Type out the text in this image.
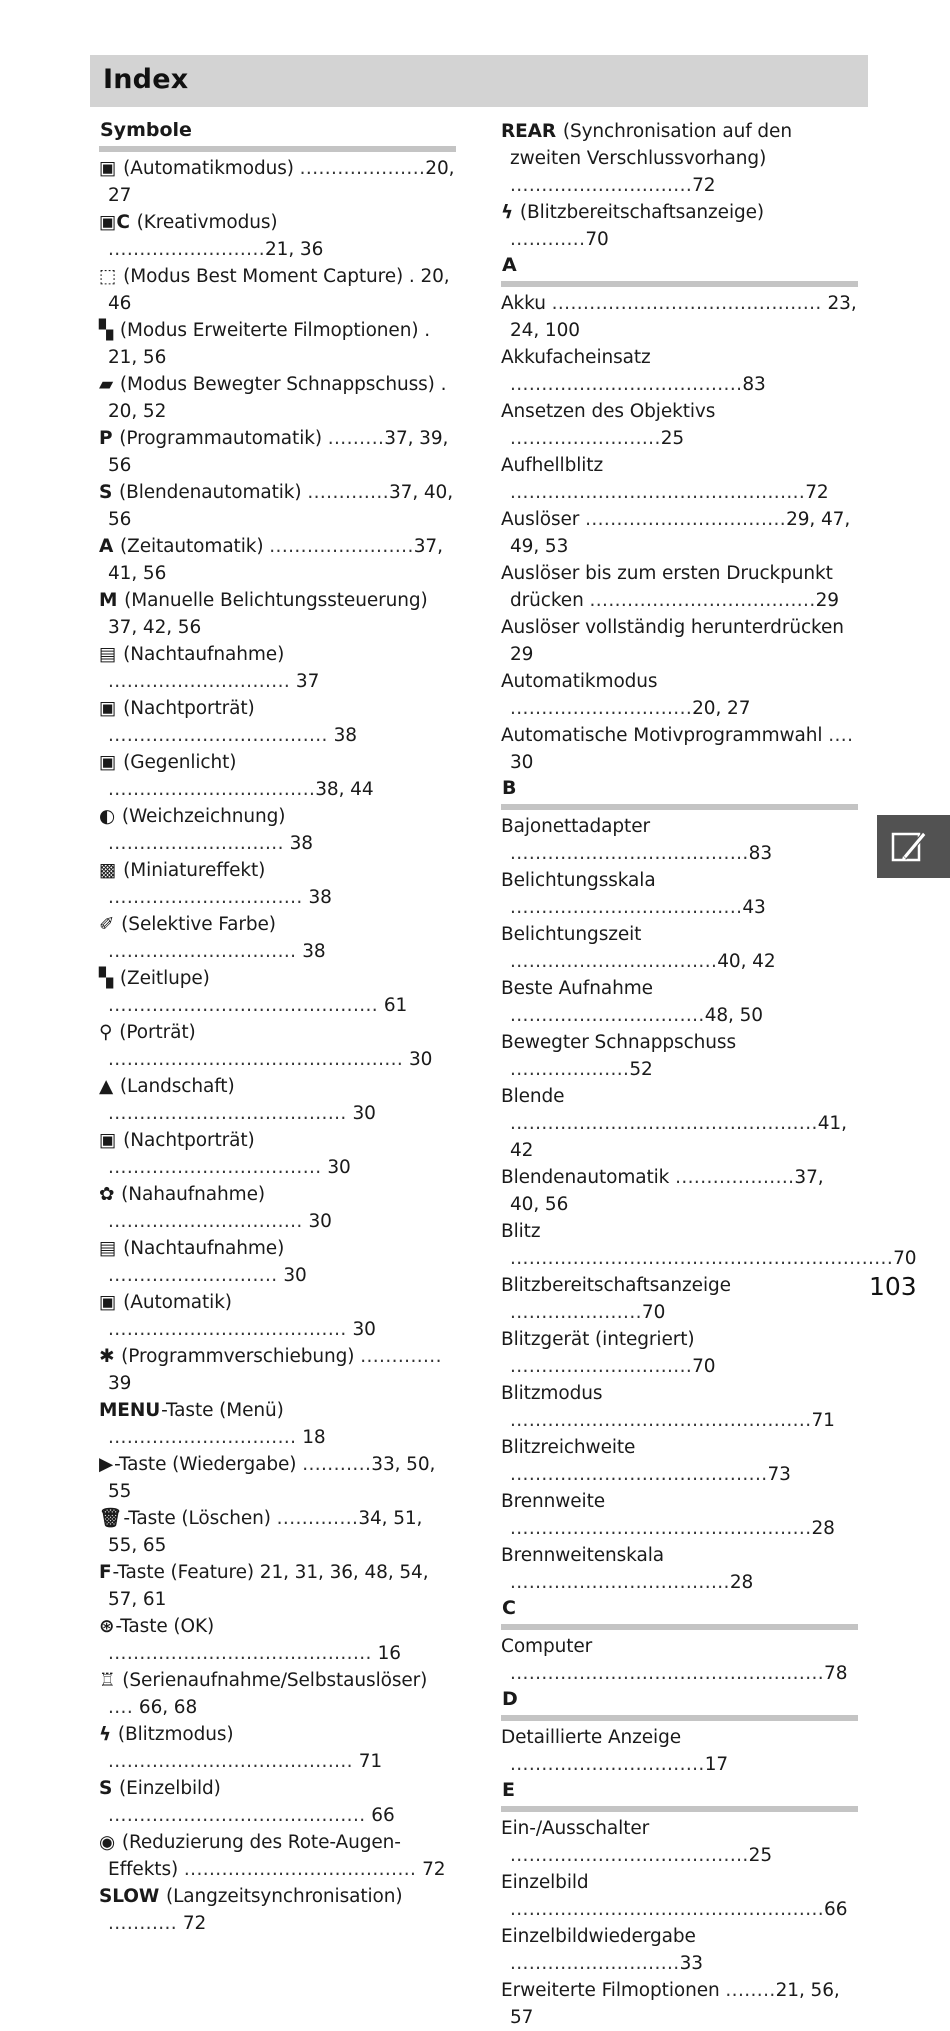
Index
Symbole
▣ (Automatikmodus) ....................20, 27
▣C (Kreativmodus) .........................21, 36
⬚ (Modus Best Moment Capture) . 20, 46
▚ (Modus Erweiterte Filmoptionen) . 21, 56
▰ (Modus Bewegter Schnappschuss) . 20, 52
P (Programmautomatik) .........37, 39, 56
S (Blendenautomatik) .............37, 40, 56
A (Zeitautomatik) .......................37, 41, 56
M (Manuelle Belichtungssteuerung) 37, 42, 56
▤ (Nachtaufnahme) ............................. 37
▣ (Nachtporträt) ................................... 38
▣ (Gegenlicht) .................................38, 44
◐ (Weichzeichnung) ............................ 38
▩ (Miniatureffekt) ............................... 38
✐ (Selektive Farbe) .............................. 38
▚ (Zeitlupe) ........................................... 61
⚲ (Porträt) ............................................... 30
▲ (Landschaft) ...................................... 30
▣ (Nachtporträt) .................................. 30
✿ (Nahaufnahme) ............................... 30
▤ (Nachtaufnahme) ........................... 30
▣ (Automatik) ...................................... 30
✱ (Programmverschiebung) ............. 39
MENU-Taste (Menü) .............................. 18
▶-Taste (Wiedergabe) ...........33, 50, 55
🗑-Taste (Löschen) .............34, 51, 55, 65
F-Taste (Feature) 21, 31, 36, 48, 54, 57, 61
⊛-Taste (OK) .......................................... 16
♖ (Serienaufnahme/Selbstauslöser) .... 66, 68
ϟ (Blitzmodus) ....................................... 71
S (Einzelbild) ......................................... 66
◉ (Reduzierung des Rote-Augen-Effekts) ..................................... 72
SLOW (Langzeitsynchronisation) ........... 72
REAR (Synchronisation auf den zweiten Verschlussvorhang) .............................72
ϟ (Blitzbereitschaftsanzeige) ............70
A
Akku ........................................... 23, 24, 100
Akkufacheinsatz .....................................83
Ansetzen des Objektivs ........................25
Aufhellblitz ...............................................72
Auslöser ................................29, 47, 49, 53
Auslöser bis zum ersten Druckpunkt drücken ....................................29
Auslöser vollständig herunterdrücken 29
Automatikmodus .............................20, 27
Automatische Motivprogrammwahl .... 30
B
Bajonettadapter ......................................83
Belichtungsskala .....................................43
Belichtungszeit .................................40, 42
Beste Aufnahme ...............................48, 50
Bewegter Schnappschuss ...................52
Blende .................................................41, 42
Blendenautomatik ...................37, 40, 56
Blitz .............................................................70
Blitzbereitschaftsanzeige .....................70
Blitzgerät (integriert) .............................70
Blitzmodus ................................................71
Blitzreichweite .........................................73
Brennweite ................................................28
Brennweitenskala ...................................28
C
Computer ..................................................78
D
Detaillierte Anzeige ...............................17
E
Ein-/Ausschalter ......................................25
Einzelbild ..................................................66
Einzelbildwiedergabe ...........................33
Erweiterte Filmoptionen ........21, 56, 57
103
